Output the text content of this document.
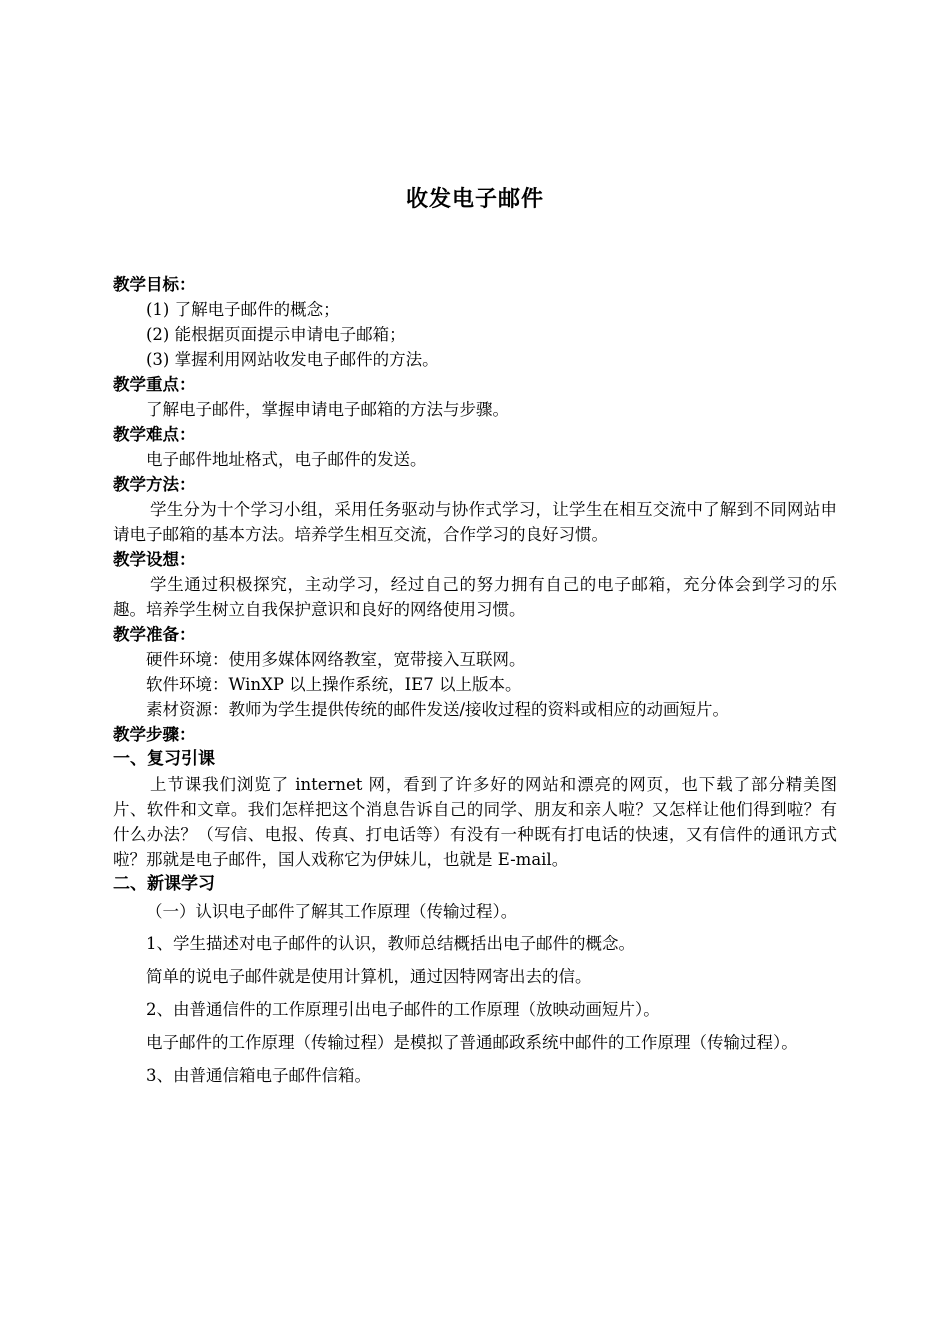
收发电子邮件

教学目标：

(1) 了解电子邮件的概念；

(2) 能根据页面提示申请电子邮箱；

(3) 掌握利用网站收发电子邮件的方法。

教学重点：

了解电子邮件，掌握申请电子邮箱的方法与步骤。

教学难点：

电子邮件地址格式，电子邮件的发送。

教学方法：

学生分为十个学习小组，采用任务驱动与协作式学习，让学生在相互交流中了解到不同网站申请电子邮箱的基本方法。培养学生相互交流，合作学习的良好习惯。

教学设想：

学生通过积极探究，主动学习，经过自己的努力拥有自己的电子邮箱，充分体会到学习的乐趣。培养学生树立自我保护意识和良好的网络使用习惯。

教学准备：

硬件环境：使用多媒体网络教室，宽带接入互联网。

软件环境：WinXP 以上操作系统，IE7 以上版本。

素材资源：教师为学生提供传统的邮件发送/接收过程的资料或相应的动画短片。

教学步骤：

一、复习引课

上节课我们浏览了 internet 网，看到了许多好的网站和漂亮的网页，也下载了部分精美图片、软件和文章。我们怎样把这个消息告诉自己的同学、朋友和亲人啦？又怎样让他们得到啦？有什么办法？（写信、电报、传真、打电话等）有没有一种既有打电话的快速，又有信件的通讯方式啦？那就是电子邮件，国人戏称它为伊妹儿，也就是 E-mail。

二、新课学习

（一）认识电子邮件了解其工作原理（传输过程）。

1、学生描述对电子邮件的认识，教师总结概括出电子邮件的概念。

简单的说电子邮件就是使用计算机，通过因特网寄出去的信。

2、由普通信件的工作原理引出电子邮件的工作原理（放映动画短片）。

电子邮件的工作原理（传输过程）是模拟了普通邮政系统中邮件的工作原理（传输过程）。

3、由普通信箱电子邮件信箱。
